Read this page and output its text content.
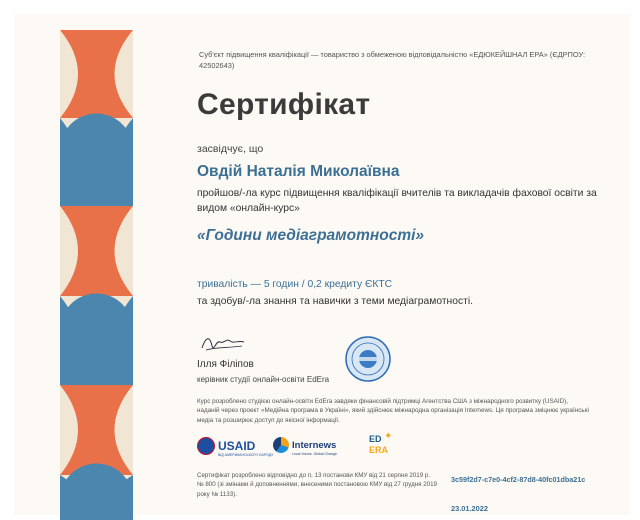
Суб'єкт підвищення кваліфікації — товариство з обмеженою відповідальністю «ЕДЮКЕЙШНАЛ ЕРА» (ЄДРПОУ: 42502643)
Сертифікат
засвідчує, що
Овдій Наталія Миколаївна
пройшов/-ла курс підвищення кваліфікації вчителів та викладачів фахової освіти за видом «онлайн-курс»
«Години медіаграмотності»
тривалість — 5 годин / 0,2 кредиту ЄКТС
та здобув/-ла знання та навички з теми медіаграмотності.
Ілля Філіпов
керівник студії онлайн-освіти EdEra
Курс розроблено студією онлайн-освіти EdEra завдяки фінансовій підтримці Агентства США з міжнародного розвитку (USAID), наданій через проект «Медійна програма в Україні», який здійснює міжнародна організація Internews. Ця програма зміцнює українські медіа та розширює доступ до якісної інформації.
USAID
ВІД АМЕРИКАНСЬКОГО НАРОДУ
Internews
Local Voices. Global Change.
ED
ERA
✦
Сертифікат розроблено відповідно до п. 13 постанови КМУ від 21 серпня 2019 р. № 800 (зі змінами й доповненнями, внесеними постановою КМУ від 27 грудня 2019 року № 1133).
3c59f2d7-c7e0-4cf2-87d8-40fc01dba21c
23.01.2022
